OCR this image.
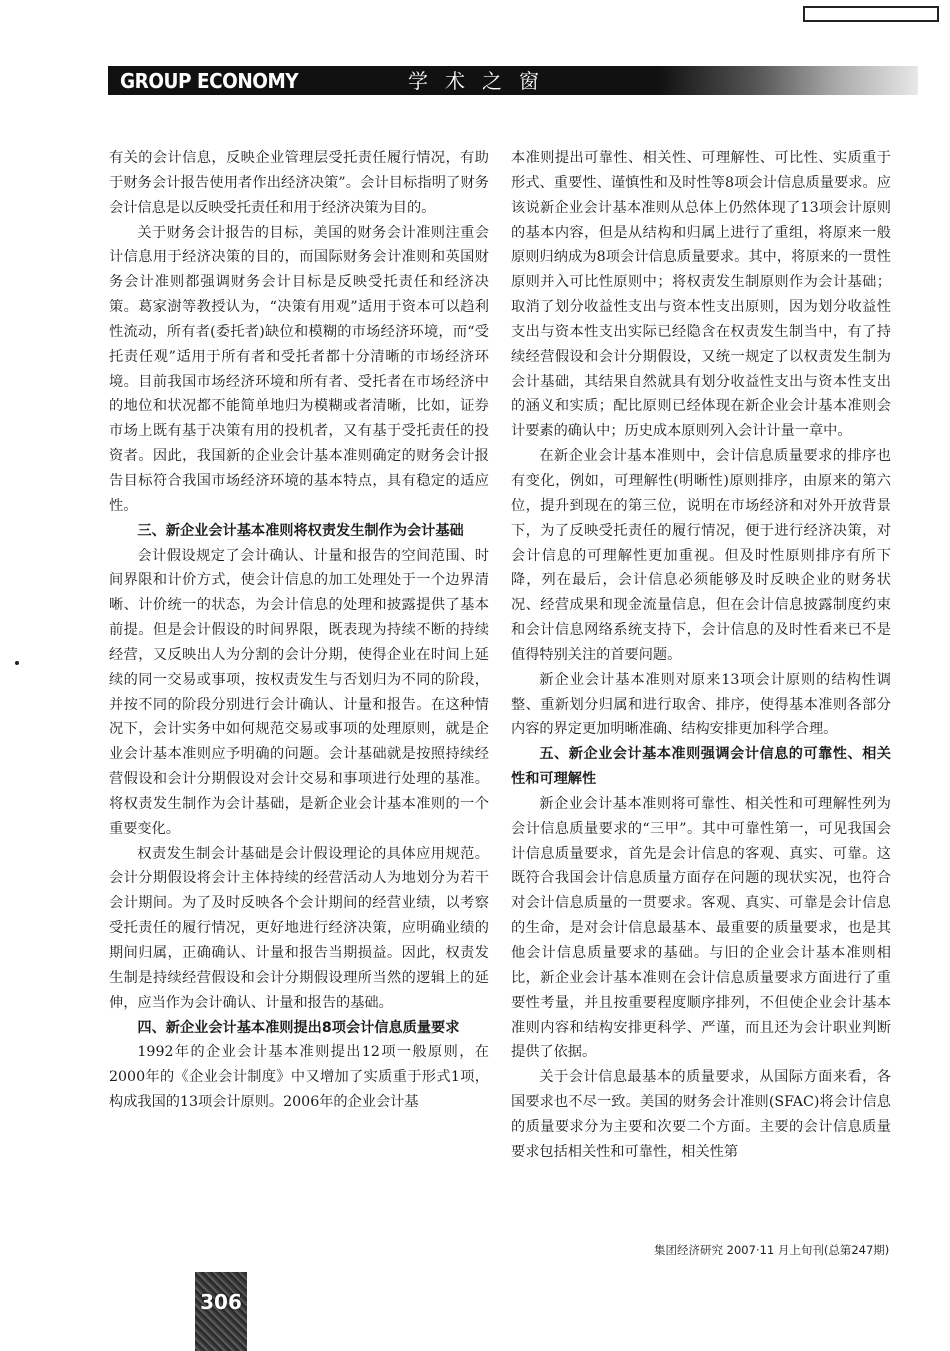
GROUP ECONOMY	学术之窗

有关的会计信息，反映企业管理层受托责任履行情况，有助于财务会计报告使用者作出经济决策”。会计目标指明了财务会计信息是以反映受托责任和用于经济决策为目的。

关于财务会计报告的目标，美国的财务会计准则注重会计信息用于经济决策的目的，而国际财务会计准则和英国财务会计准则都强调财务会计目标是反映受托责任和经济决策。葛家澍等教授认为，“决策有用观”适用于资本可以趋利性流动，所有者(委托者)缺位和模糊的市场经济环境，而“受托责任观”适用于所有者和受托者都十分清晰的市场经济环境。目前我国市场经济环境和所有者、受托者在市场经济中的地位和状况都不能简单地归为模糊或者清晰，比如，证券市场上既有基于决策有用的投机者，又有基于受托责任的投资者。因此，我国新的企业会计基本准则确定的财务会计报告目标符合我国市场经济环境的基本特点，具有稳定的适应性。

三、新企业会计基本准则将权责发生制作为会计基础

会计假设规定了会计确认、计量和报告的空间范围、时间界限和计价方式，使会计信息的加工处理处于一个边界清晰、计价统一的状态，为会计信息的处理和披露提供了基本前提。但是会计假设的时间界限，既表现为持续不断的持续经营，又反映出人为分割的会计分期，使得企业在时间上延续的同一交易或事项，按权责发生与否划归为不同的阶段，并按不同的阶段分别进行会计确认、计量和报告。在这种情况下，会计实务中如何规范交易或事项的处理原则，就是企业会计基本准则应予明确的问题。会计基础就是按照持续经营假设和会计分期假设对会计交易和事项进行处理的基准。将权责发生制作为会计基础，是新企业会计基本准则的一个重要变化。

权责发生制会计基础是会计假设理论的具体应用规范。会计分期假设将会计主体持续的经营活动人为地划分为若干会计期间。为了及时反映各个会计期间的经营业绩，以考察受托责任的履行情况，更好地进行经济决策，应明确业绩的期间归属，正确确认、计量和报告当期损益。因此，权责发生制是持续经营假设和会计分期假设理所当然的逻辑上的延伸，应当作为会计确认、计量和报告的基础。

四、新企业会计基本准则提出8项会计信息质量要求

1992年的企业会计基本准则提出12项一般原则，在2000年的《企业会计制度》中又增加了实质重于形式1项，构成我国的13项会计原则。2006年的企业会计基

本准则提出可靠性、相关性、可理解性、可比性、实质重于形式、重要性、谨慎性和及时性等8项会计信息质量要求。应该说新企业会计基本准则从总体上仍然体现了13项会计原则的基本内容，但是从结构和归属上进行了重组，将原来一般原则归纳成为8项会计信息质量要求。其中，将原来的一贯性原则并入可比性原则中；将权责发生制原则作为会计基础；取消了划分收益性支出与资本性支出原则，因为划分收益性支出与资本性支出实际已经隐含在权责发生制当中，有了持续经营假设和会计分期假设，又统一规定了以权责发生制为会计基础，其结果自然就具有划分收益性支出与资本性支出的涵义和实质；配比原则已经体现在新企业会计基本准则会计要素的确认中；历史成本原则列入会计计量一章中。

在新企业会计基本准则中，会计信息质量要求的排序也有变化，例如，可理解性(明晰性)原则排序，由原来的第六位，提升到现在的第三位，说明在市场经济和对外开放背景下，为了反映受托责任的履行情况，便于进行经济决策，对会计信息的可理解性更加重视。但及时性原则排序有所下降，列在最后，会计信息必须能够及时反映企业的财务状况、经营成果和现金流量信息，但在会计信息披露制度约束和会计信息网络系统支持下，会计信息的及时性看来已不是值得特别关注的首要问题。

新企业会计基本准则对原来13项会计原则的结构性调整、重新划分归属和进行取舍、排序，使得基本准则各部分内容的界定更加明晰准确、结构安排更加科学合理。

五、新企业会计基本准则强调会计信息的可靠性、相关性和可理解性

新企业会计基本准则将可靠性、相关性和可理解性列为会计信息质量要求的“三甲”。其中可靠性第一，可见我国会计信息质量要求，首先是会计信息的客观、真实、可靠。这既符合我国会计信息质量方面存在问题的现状实况，也符合对会计信息质量的一贯要求。客观、真实、可靠是会计信息的生命，是对会计信息最基本、最重要的质量要求，也是其他会计信息质量要求的基础。与旧的企业会计基本准则相比，新企业会计基本准则在会计信息质量要求方面进行了重要性考量，并且按重要程度顺序排列，不但使企业会计基本准则内容和结构安排更科学、严谨，而且还为会计职业判断提供了依据。

关于会计信息最基本的质量要求，从国际方面来看，各国要求也不尽一致。美国的财务会计准则(SFAC)将会计信息的质量要求分为主要和次要二个方面。主要的会计信息质量要求包括相关性和可靠性，相关性第

集团经济研究 2007·11 月上旬刊(总第247期)
306
